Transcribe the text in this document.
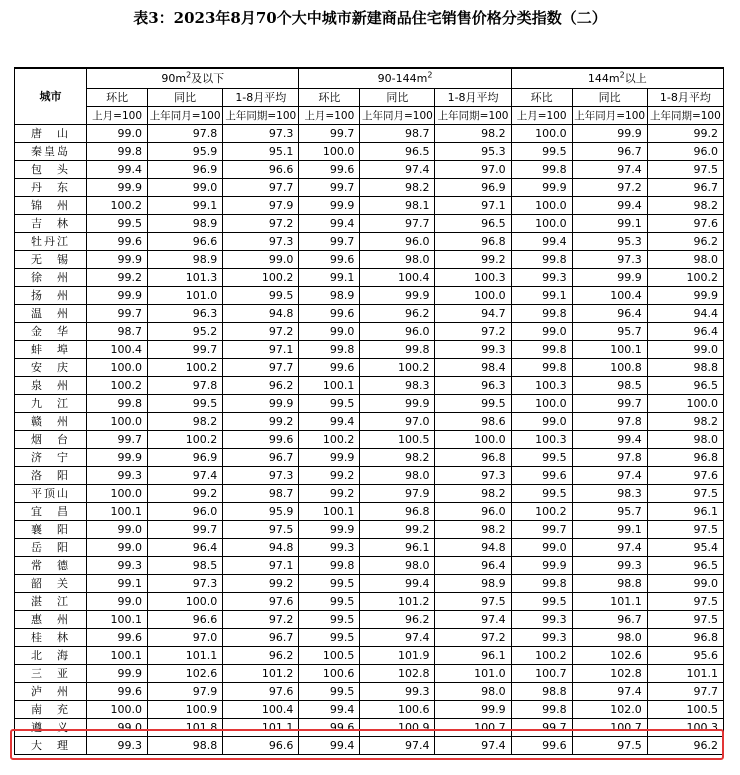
表3：2023年8月70个大中城市新建商品住宅销售价格分类指数（二）
城市	$90m^2$及以下			$90-144m^2$			$144m^2$以上		
	环比	同比	1-8月平均	环比	同比	1-8月平均	环比	同比	1-8月平均
	上月=100	上年同月=100	上年同期=100	上月=100	上年同月=100	上年同期=100	上月=100	上年同月=100	上年同期=100
唐　山	99.0	97.8	97.3	99.7	98.7	98.2	100.0	99.9	99.2
秦皇岛	99.8	95.9	95.1	100.0	96.5	95.3	99.5	96.7	96.0
包　头	99.4	96.9	96.6	99.6	97.4	97.0	99.8	97.4	97.5
丹　东	99.9	99.0	97.7	99.7	98.2	96.9	99.9	97.2	96.7
锦　州	100.2	99.1	97.9	99.9	98.1	97.1	100.0	99.4	98.2
吉　林	99.5	98.9	97.2	99.4	97.7	96.5	100.0	99.1	97.6
牡丹江	99.6	96.6	97.3	99.7	96.0	96.8	99.4	95.3	96.2
无　锡	99.9	98.9	99.0	99.6	98.0	99.2	99.8	97.3	98.0
徐　州	99.2	101.3	100.2	99.1	100.4	100.3	99.3	99.9	100.2
扬　州	99.9	101.0	99.5	98.9	99.9	100.0	99.1	100.4	99.9
温　州	99.7	96.3	94.8	99.6	96.2	94.7	99.8	96.4	94.4
金　华	98.7	95.2	97.2	99.0	96.0	97.2	99.0	95.7	96.4
蚌　埠	100.4	99.7	97.1	99.8	99.8	99.3	99.8	100.1	99.0
安　庆	100.0	100.2	97.7	99.6	100.2	98.4	99.8	100.8	98.8
泉　州	100.2	97.8	96.2	100.1	98.3	96.3	100.3	98.5	96.5
九　江	99.8	99.5	99.9	99.5	99.9	99.5	100.0	99.7	100.0
赣　州	100.0	98.2	99.2	99.4	97.0	98.6	99.0	97.8	98.2
烟　台	99.7	100.2	99.6	100.2	100.5	100.0	100.3	99.4	98.0
济　宁	99.9	96.9	96.7	99.9	98.2	96.8	99.5	97.8	96.8
洛　阳	99.3	97.4	97.3	99.2	98.0	97.3	99.6	97.4	97.6
平顶山	100.0	99.2	98.7	99.2	97.9	98.2	99.5	98.3	97.5
宜　昌	100.1	96.0	95.9	100.1	96.8	96.0	100.2	95.7	96.1
襄　阳	99.0	99.7	97.5	99.9	99.2	98.2	99.7	99.1	97.5
岳　阳	99.0	96.4	94.8	99.3	96.1	94.8	99.0	97.4	95.4
常　德	99.3	98.5	97.1	99.8	98.0	96.4	99.9	99.3	96.5
韶　关	99.1	97.3	99.2	99.5	99.4	98.9	99.8	98.8	99.0
湛　江	99.0	100.0	97.6	99.5	101.2	97.5	99.5	101.1	97.5
惠　州	100.1	96.6	97.2	99.5	96.2	97.4	99.3	96.7	97.5
桂　林	99.6	97.0	96.7	99.5	97.4	97.2	99.3	98.0	96.8
北　海	100.1	101.1	96.2	100.5	101.9	96.1	100.2	102.6	95.6
三　亚	99.9	102.6	101.2	100.6	102.8	101.0	100.7	102.8	101.1
泸　州	99.6	97.9	97.6	99.5	99.3	98.0	98.8	97.4	97.7
南　充	100.0	100.9	100.4	99.4	100.6	99.9	99.8	102.0	100.5
遵　义	99.0	101.8	101.1	99.6	100.9	100.7	99.7	100.7	100.3
大　理	99.3	98.8	96.6	99.4	97.4	97.4	99.6	97.5	96.2
